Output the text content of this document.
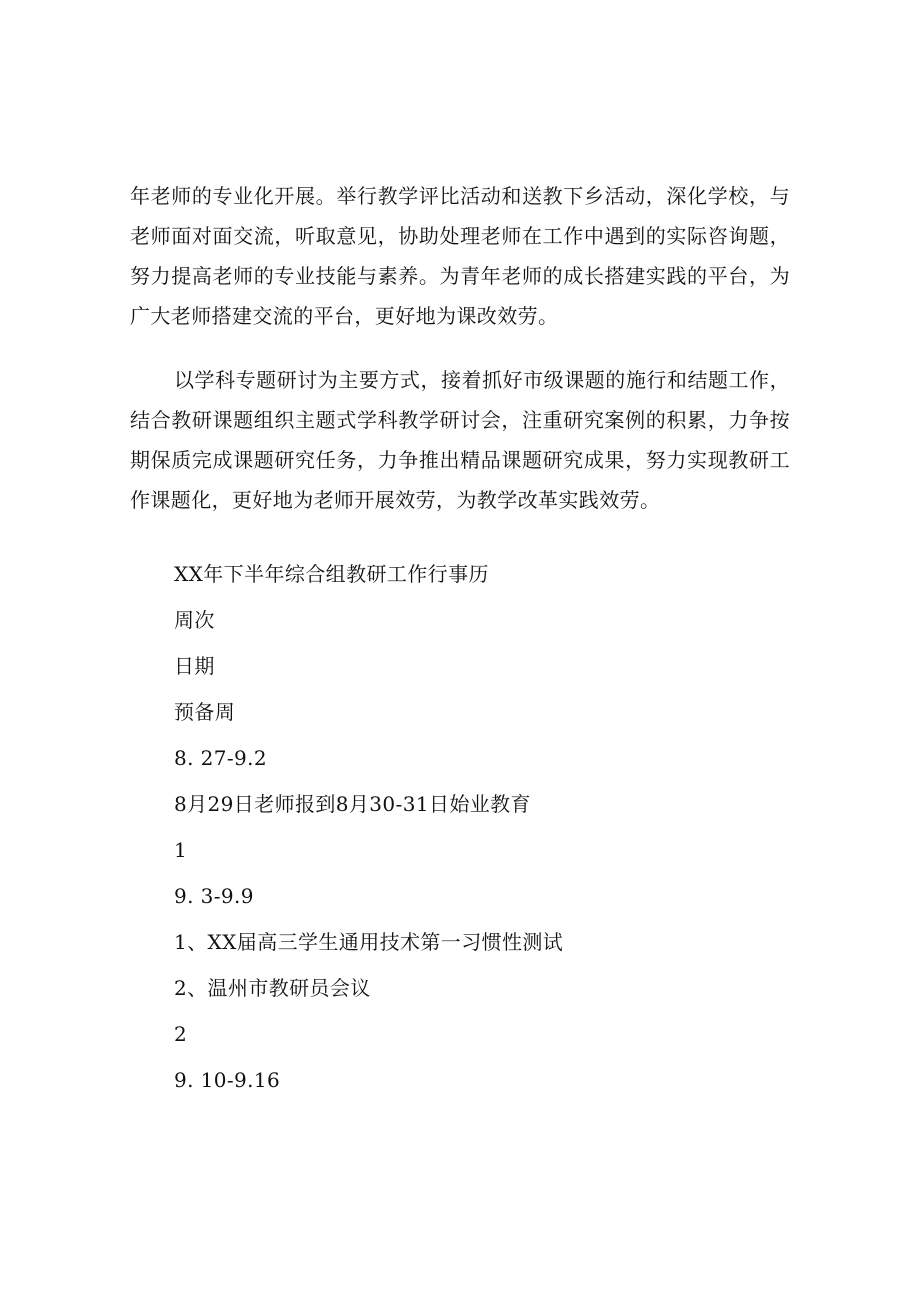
年老师的专业化开展。举行教学评比活动和送教下乡活动，深化学校，与老师面对面交流，听取意见，协助处理老师在工作中遇到的实际咨询题，努力提高老师的专业技能与素养。为青年老师的成长搭建实践的平台，为广大老师搭建交流的平台，更好地为课改效劳。

以学科专题研讨为主要方式，接着抓好市级课题的施行和结题工作，结合教研课题组织主题式学科教学研讨会，注重研究案例的积累，力争按期保质完成课题研究任务，力争推出精品课题研究成果，努力实现教研工作课题化，更好地为老师开展效劳，为教学改革实践效劳。

XX年下半年综合组教研工作行事历

周次

日期

预备周

8. 27-9.2

8月29日老师报到8月30-31日始业教育

1

9. 3-9.9

1、XX届高三学生通用技术第一习惯性测试

2、温州市教研员会议

2

9. 10-9.16
